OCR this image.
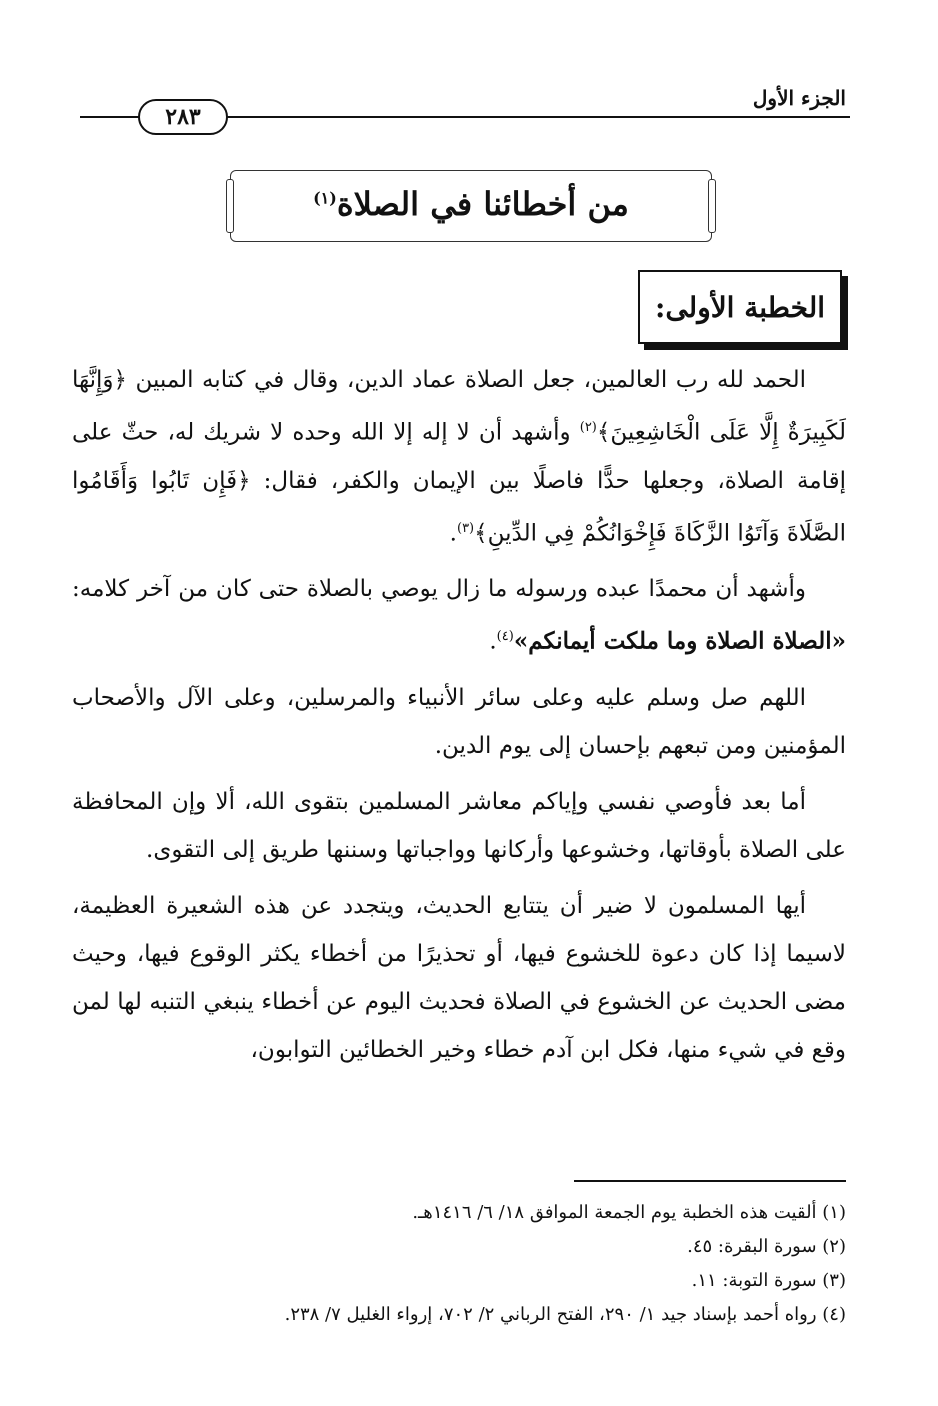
الجزء الأول
٢٨٣
من أخطائنا في الصلاة$^{(١)}$
الخطبة الأولى:

الحمد لله رب العالمين، جعل الصلاة عماد الدين، وقال في كتابه المبين ﴿وَإِنَّهَا لَكَبِيرَةٌ إِلَّا عَلَى الْخَاشِعِينَ﴾$^{(٢)}$ وأشهد أن لا إله إلا الله وحده لا شريك له، حثّ على إقامة الصلاة، وجعلها حدًّا فاصلًا بين الإيمان والكفر، فقال: ﴿فَإِن تَابُوا وَأَقَامُوا الصَّلَاةَ وَآتَوُا الزَّكَاةَ فَإِخْوَانُكُمْ فِي الدِّينِ﴾$^{(٣)}$.

وأشهد أن محمدًا عبده ورسوله ما زال يوصي بالصلاة حتى كان من آخر كلامه: «الصلاة الصلاة وما ملكت أيمانكم»$^{(٤)}$.

اللهم صل وسلم عليه وعلى سائر الأنبياء والمرسلين، وعلى الآل والأصحاب المؤمنين ومن تبعهم بإحسان إلى يوم الدين.

أما بعد فأوصي نفسي وإياكم معاشر المسلمين بتقوى الله، ألا وإن المحافظة على الصلاة بأوقاتها، وخشوعها وأركانها وواجباتها وسننها طريق إلى التقوى.

أيها المسلمون لا ضير أن يتتابع الحديث، ويتجدد عن هذه الشعيرة العظيمة، لاسيما إذا كان دعوة للخشوع فيها، أو تحذيرًا من أخطاء يكثر الوقوع فيها، وحيث مضى الحديث عن الخشوع في الصلاة فحديث اليوم عن أخطاء ينبغي التنبه لها لمن وقع في شيء منها، فكل ابن آدم خطاء وخير الخطائين التوابون،

(١) ألقيت هذه الخطبة يوم الجمعة الموافق ١٨/ ٦/ ١٤١٦هـ.
(٢) سورة البقرة: ٤٥.
(٣) سورة التوبة: ١١.
(٤) رواه أحمد بإسناد جيد ١/ ٢٩٠، الفتح الرباني ٢/ ٧٠٢، إرواء الغليل ٧/ ٢٣٨.
